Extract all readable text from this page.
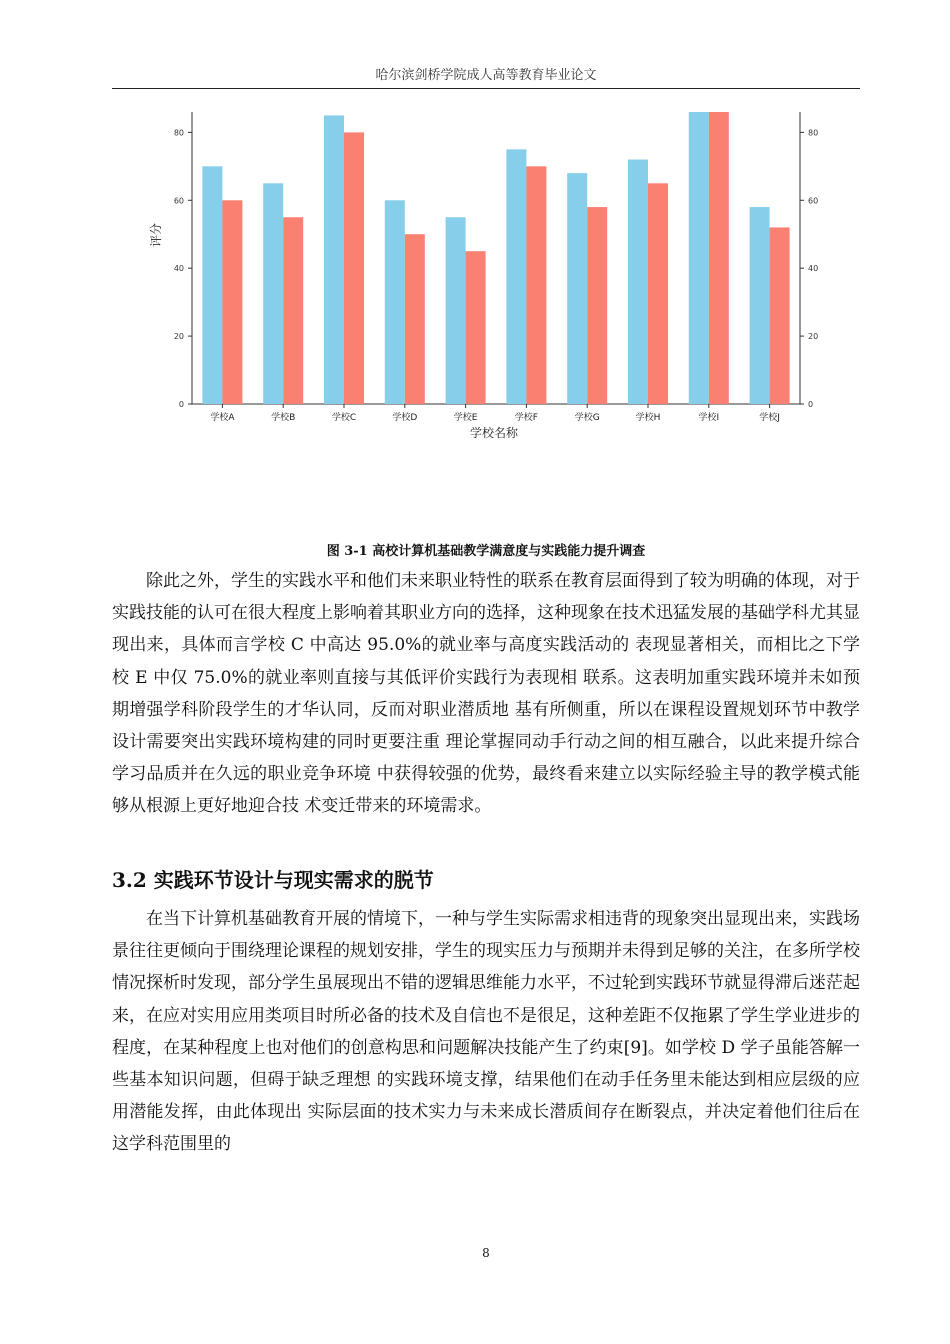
哈尔滨剑桥学院成人高等教育毕业论文
0
20
40
60
80
0
20
40
60
80
学校A	学校B	学校C	学校D	学校E	学校F	学校G	学校H	学校I	学校J
学校名称
评分
图 3-1 高校计算机基础教学满意度与实践能力提升调查

除此之外，学生的实践水平和他们未来职业特性的联系在教育层面得到了较为明确的体现，对于实践技能的认可在很大程度上影响着其职业方向的选择，这种现象在技术迅猛发展的基础学科尤其显现出来，具体而言学校 C 中高达 95.0%的就业率与高度实践活动的 表现显著相关，而相比之下学校 E 中仅 75.0%的就业率则直接与其低评价实践行为表现相 联系。这表明加重实践环境并未如预期增强学科阶段学生的才华认同，反而对职业潜质地 基有所侧重，所以在课程设置规划环节中教学设计需要突出实践环境构建的同时更要注重 理论掌握同动手行动之间的相互融合，以此来提升综合学习品质并在久远的职业竞争环境 中获得较强的优势，最终看来建立以实际经验主导的教学模式能够从根源上更好地迎合技 术变迁带来的环境需求。

3.2 实践环节设计与现实需求的脱节

在当下计算机基础教育开展的情境下，一种与学生实际需求相违背的现象突出显现出来，实践场景往往更倾向于围绕理论课程的规划安排，学生的现实压力与预期并未得到足够的关注，在多所学校情况探析时发现，部分学生虽展现出不错的逻辑思维能力水平，不过轮到实践环节就显得滞后迷茫起来，在应对实用应用类项目时所必备的技术及自信也不是很足，这种差距不仅拖累了学生学业进步的程度，在某种程度上也对他们的创意构思和问题解决技能产生了约束[9]。如学校 D 学子虽能答解一些基本知识问题，但碍于缺乏理想 的实践环境支撑，结果他们在动手任务里未能达到相应层级的应用潜能发挥，由此体现出 实际层面的技术实力与未来成长潜质间存在断裂点，并决定着他们往后在这学科范围里的

8
